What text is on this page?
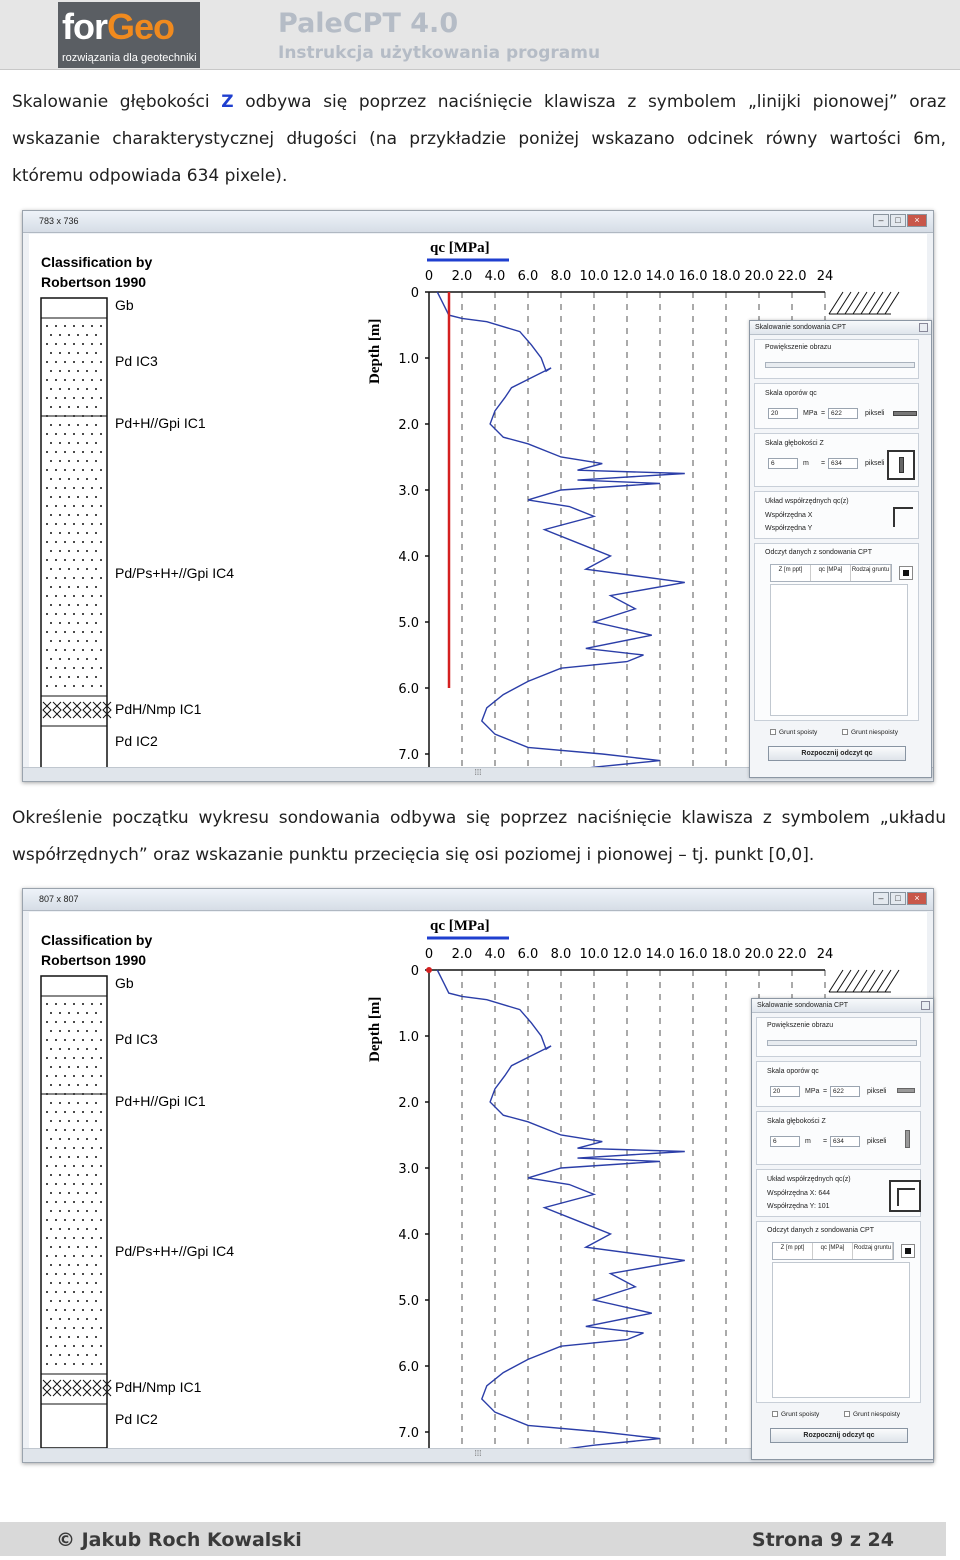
forGeo
rozwiązania dla geotechniki
PaleCPT 4.0
Instrukcja użytkowania programu

Skalowanie głębokości Z odbywa się poprzez naciśnięcie klawisza z symbolem „linijki pionowej” oraz wskazanie charakterystycznej długości (na przykładzie poniżej wskazano odcinek równy wartości 6m, któremu odpowiada 634 pixele).

783 x 736	–	□	×
Classification by
Robertson 1990
Gb
Pd IC3
Pd+H//Gpi IC1
Pd/Ps+H+//Gpi IC4
PdH/Nmp IC1
Pd IC2
qc [MPa]
Depth [m]
0 2.0 4.0 6.0 8.0 10.0 12.0 14.0 16.0 18.0 20.0 22.0 24
0
1.0
2.0
3.0
4.0
5.0
6.0
7.0
⁞⁞⁞
Skalowanie sondowania CPT
Powiększenie obrazu
Skala oporów qc
20	MPa = 622	pikseli
Skala głębokości Z
6	m = 634	pikseli
Układ współrzędnych qc(z)
Współrzędna X
Współrzędna Y
Odczyt danych z sondowania CPT
Z [m ppt]	qc [MPa]	Rodzaj gruntu
Grunt spoisty	Grunt niespoisty
Rozpocznij odczyt qc

Określenie początku wykresu sondowania odbywa się poprzez naciśnięcie klawisza z symbolem „układu współrzędnych” oraz wskazanie punktu przecięcia się osi poziomej i pionowej – tj. punkt [0,0].

807 x 807	–	□	×
Classification by
Robertson 1990
Gb
Pd IC3
Pd+H//Gpi IC1
Pd/Ps+H+//Gpi IC4
PdH/Nmp IC1
Pd IC2
qc [MPa]
Depth [m]
0 2.0 4.0 6.0 8.0 10.0 12.0 14.0 16.0 18.0 20.0 22.0 24
0
1.0
2.0
3.0
4.0
5.0
6.0
7.0
⁞⁞⁞
Skalowanie sondowania CPT
Powiększenie obrazu
Skala oporów qc
20	MPa = 622	pikseli
Skala głębokości Z
6	m = 634	pikseli
Układ współrzędnych qc(z)
Współrzędna X: 644
Współrzędna Y: 101
Odczyt danych z sondowania CPT
Z [m ppt]	qc [MPa]	Rodzaj gruntu
Grunt spoisty	Grunt niespoisty
Rozpocznij odczyt qc
© Jakub Roch Kowalski	Strona 9 z 24
